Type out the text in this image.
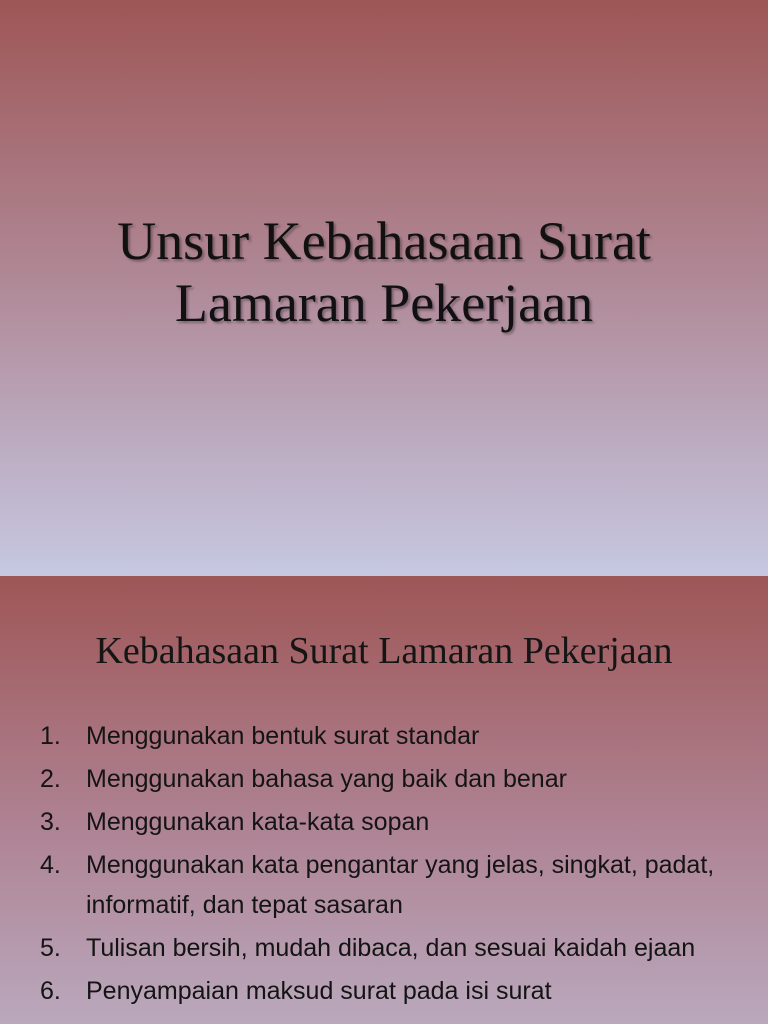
Unsur Kebahasaan Surat
Lamaran Pekerjaan
Kebahasaan Surat Lamaran Pekerjaan
1.	Menggunakan bentuk surat standar
2.	Menggunakan bahasa yang baik dan benar
3.	Menggunakan kata-kata sopan
4.	Menggunakan kata pengantar yang jelas, singkat, padat, informatif, dan tepat sasaran
5.	Tulisan bersih, mudah dibaca, dan sesuai kaidah ejaan
6.	Penyampaian maksud surat pada isi surat
